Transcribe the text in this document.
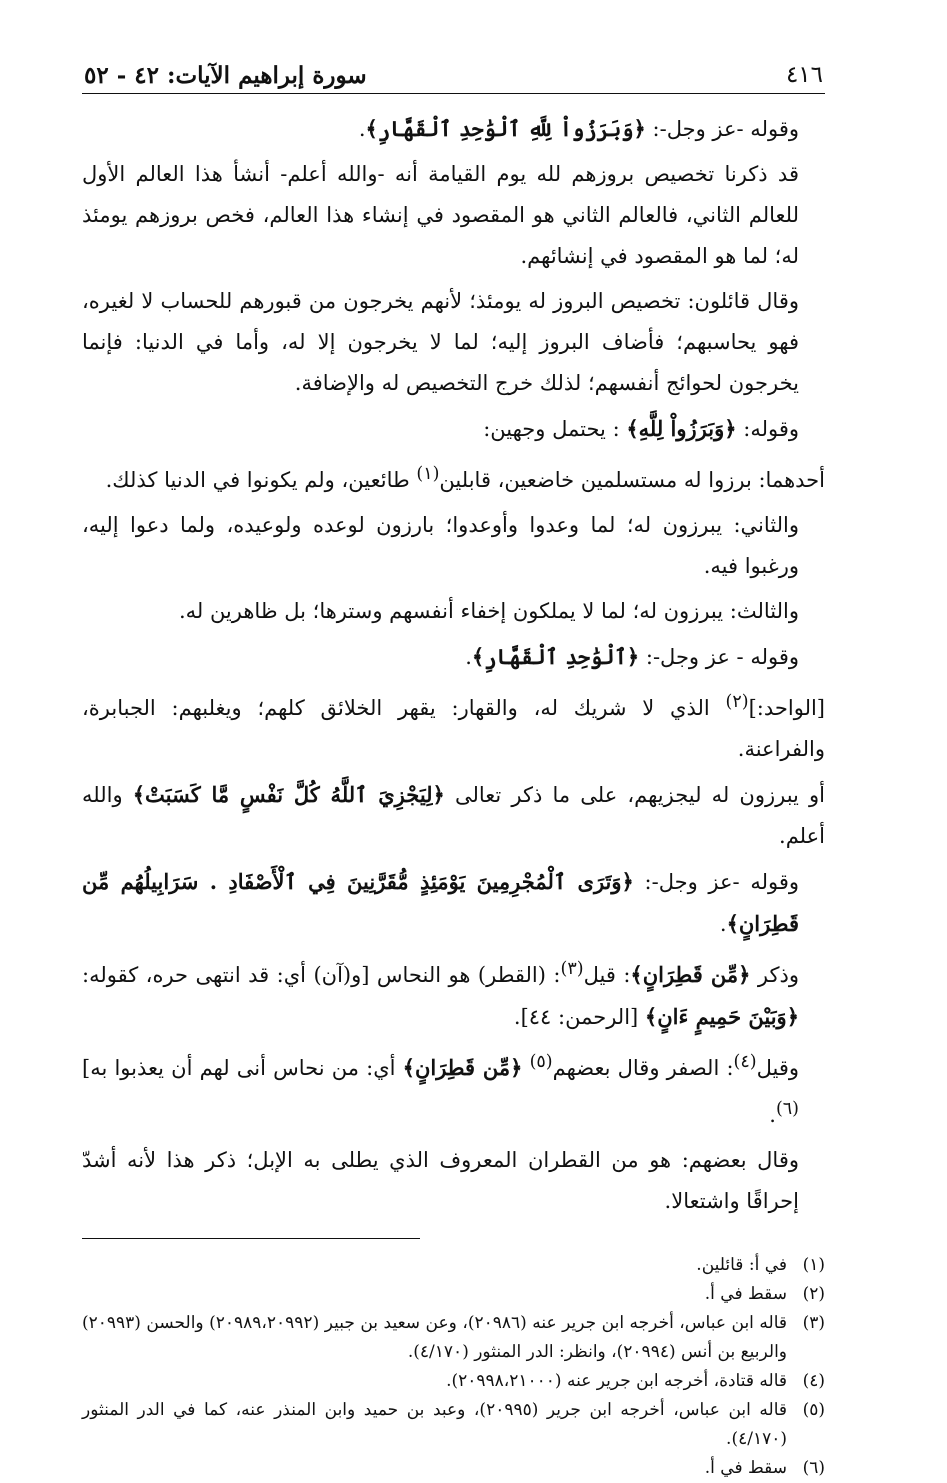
٤١٦
سورة إبراهيم الآيات: ٤٢ - ٥٢

وقوله -عز وجل-: ﴿وَبَرَزُواْ لِلَّهِ ٱلْوَٰحِدِ ٱلْقَهَّارِ﴾.

قد ذكرنا تخصيص بروزهم لله يوم القيامة أنه -والله أعلم- أنشأ هذا العالم الأول للعالم الثاني، فالعالم الثاني هو المقصود في إنشاء هذا العالم، فخص بروزهم يومئذ له؛ لما هو المقصود في إنشائهم.

وقال قائلون: تخصيص البروز له يومئذ؛ لأنهم يخرجون من قبورهم للحساب لا لغيره، فهو يحاسبهم؛ فأضاف البروز إليه؛ لما لا يخرجون إلا له، وأما في الدنيا: فإنما يخرجون لحوائج أنفسهم؛ لذلك خرج التخصيص له والإضافة.

وقوله: ﴿وَبَرَزُواْ لِلَّهِ﴾ : يحتمل وجهين:

أحدهما: برزوا له مستسلمين خاضعين، قابلين$^{(١)}$ طائعين، ولم يكونوا في الدنيا كذلك.

والثاني: يبرزون له؛ لما وعدوا وأوعدوا؛ بارزون لوعده ولوعيده، ولما دعوا إليه، ورغبوا فيه.

والثالث: يبرزون له؛ لما لا يملكون إخفاء أنفسهم وسترها؛ بل ظاهرين له.

وقوله - عز وجل-: ﴿ٱلْوَٰحِدِ ٱلْقَهَّارِ﴾.

[الواحد:]$^{(٢)}$ الذي لا شريك له، والقهار: يقهر الخلائق كلهم؛ ويغلبهم: الجبابرة، والفراعنة.

أو يبرزون له ليجزيهم، على ما ذكر تعالى ﴿لِيَجْزِيَ ٱللَّهُ كُلَّ نَفْسٍ مَّا كَسَبَتْ﴾ والله أعلم.

وقوله -عز وجل-: ﴿وَتَرَى ٱلْمُجْرِمِينَ يَوْمَئِذٍ مُّقَرَّنِينَ فِي ٱلْأَصْفَادِ . سَرَابِيلُهُم مِّن قَطِرَانٍ﴾.

وذكر ﴿مِّن قَطِرَانٍ﴾: قيل$^{(٣)}$: (القطر) هو النحاس [و(آن) أي: قد انتهى حره، كقوله: ﴿وَبَيْنَ حَمِيمٍ ءَانٍ﴾ [الرحمن: ٤٤].

وقيل$^{(٤)}$: الصفر وقال بعضهم$^{(٥)}$ ﴿مِّن قَطِرَانٍ﴾ أي: من نحاس أنى لهم أن يعذبوا به]$^{(٦)}$.

وقال بعضهم: هو من القطران المعروف الذي يطلى به الإبل؛ ذكر هذا لأنه أشدّ إحراقًا واشتعالا.

(١)
في أ: قائلين.
(٢)
سقط في أ.
(٣)
قاله ابن عباس، أخرجه ابن جرير عنه (٢٠٩٨٦)، وعن سعيد بن جبير (٢٠٩٨٩،٢٠٩٩٢) والحسن (٢٠٩٩٣) والربيع بن أنس (٢٠٩٩٤)، وانظر: الدر المنثور (٤/١٧٠).
(٤)
قاله قتادة، أخرجه ابن جرير عنه (٢٠٩٩٨،٢١٠٠٠).
(٥)
قاله ابن عباس، أخرجه ابن جرير (٢٠٩٩٥)، وعبد بن حميد وابن المنذر عنه، كما في الدر المنثور (٤/١٧٠).
(٦)
سقط في أ.
